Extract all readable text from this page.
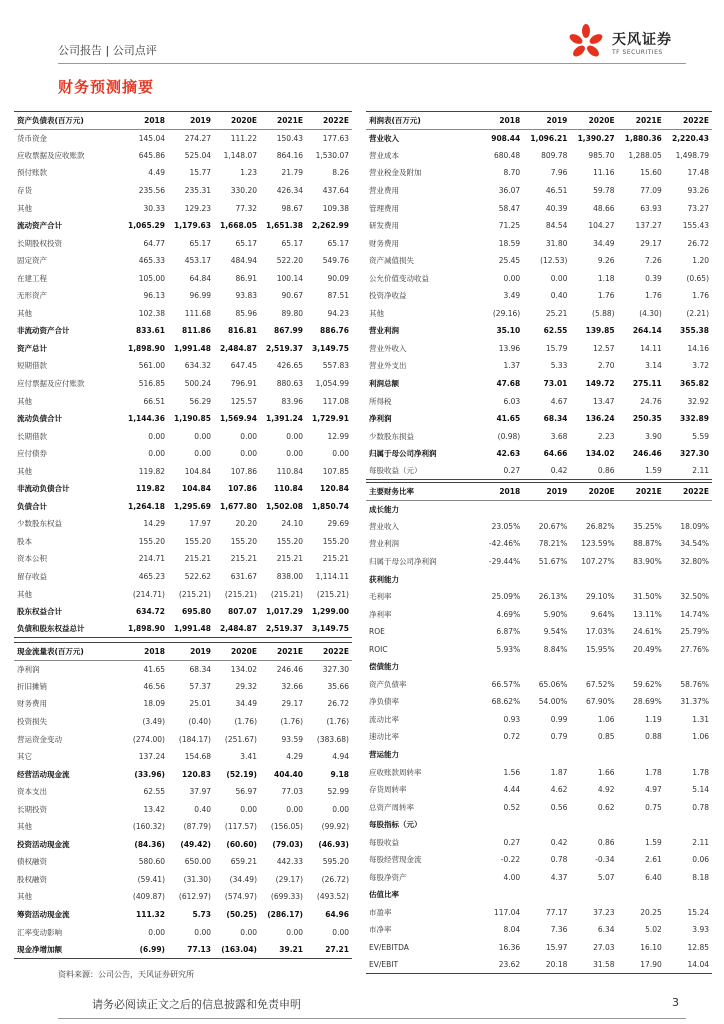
公司报告 | 公司点评
天风证券
TF SECURITIES
财务预测摘要
资产负债表(百万元)	2018	2019	2020E	2021E	2022E
货币资金	145.04	274.27	111.22	150.43	177.63
应收票据及应收账款	645.86	525.04	1,148.07	864.16	1,530.07
预付账款	4.49	15.77	1.23	21.79	8.26
存货	235.56	235.31	330.20	426.34	437.64
其他	30.33	129.23	77.32	98.67	109.38
流动资产合计	1,065.29	1,179.63	1,668.05	1,651.38	2,262.99
长期股权投资	64.77	65.17	65.17	65.17	65.17
固定资产	465.33	453.17	484.94	522.20	549.76
在建工程	105.00	64.84	86.91	100.14	90.09
无形资产	96.13	96.99	93.83	90.67	87.51
其他	102.38	111.68	85.96	89.80	94.23
非流动资产合计	833.61	811.86	816.81	867.99	886.76
资产总计	1,898.90	1,991.48	2,484.87	2,519.37	3,149.75
短期借款	561.00	634.32	647.45	426.65	557.83
应付票据及应付账款	516.85	500.24	796.91	880.63	1,054.99
其他	66.51	56.29	125.57	83.96	117.08
流动负债合计	1,144.36	1,190.85	1,569.94	1,391.24	1,729.91
长期借款	0.00	0.00	0.00	0.00	12.99
应付债券	0.00	0.00	0.00	0.00	0.00
其他	119.82	104.84	107.86	110.84	107.85
非流动负债合计	119.82	104.84	107.86	110.84	120.84
负债合计	1,264.18	1,295.69	1,677.80	1,502.08	1,850.74
少数股东权益	14.29	17.97	20.20	24.10	29.69
股本	155.20	155.20	155.20	155.20	155.20
资本公积	214.71	215.21	215.21	215.21	215.21
留存收益	465.23	522.62	631.67	838.00	1,114.11
其他	(214.71)	(215.21)	(215.21)	(215.21)	(215.21)
股东权益合计	634.72	695.80	807.07	1,017.29	1,299.00
负债和股东权益总计	1,898.90	1,991.48	2,484.87	2,519.37	3,149.75
利润表(百万元)	2018	2019	2020E	2021E	2022E
营业收入	908.44	1,096.21	1,390.27	1,880.36	2,220.43
营业成本	680.48	809.78	985.70	1,288.05	1,498.79
营业税金及附加	8.70	7.96	11.16	15.60	17.48
营业费用	36.07	46.51	59.78	77.09	93.26
管理费用	58.47	40.39	48.66	63.93	73.27
研发费用	71.25	84.54	104.27	137.27	155.43
财务费用	18.59	31.80	34.49	29.17	26.72
资产减值损失	25.45	(12.53)	9.26	7.26	1.20
公允价值变动收益	0.00	0.00	1.18	0.39	(0.65)
投资净收益	3.49	0.40	1.76	1.76	1.76
其他	(29.16)	25.21	(5.88)	(4.30)	(2.21)
营业利润	35.10	62.55	139.85	264.14	355.38
营业外收入	13.96	15.79	12.57	14.11	14.16
营业外支出	1.37	5.33	2.70	3.14	3.72
利润总额	47.68	73.01	149.72	275.11	365.82
所得税	6.03	4.67	13.47	24.76	32.92
净利润	41.65	68.34	136.24	250.35	332.89
少数股东损益	(0.98)	3.68	2.23	3.90	5.59
归属于母公司净利润	42.63	64.66	134.02	246.46	327.30
每股收益（元）	0.27	0.42	0.86	1.59	2.11
主要财务比率	2018	2019	2020E	2021E	2022E
成长能力					
营业收入	23.05%	20.67%	26.82%	35.25%	18.09%
营业利润	-42.46%	78.21%	123.59%	88.87%	34.54%
归属于母公司净利润	-29.44%	51.67%	107.27%	83.90%	32.80%
获利能力					
毛利率	25.09%	26.13%	29.10%	31.50%	32.50%
净利率	4.69%	5.90%	9.64%	13.11%	14.74%
ROE	6.87%	9.54%	17.03%	24.61%	25.79%
ROIC	5.93%	8.84%	15.95%	20.49%	27.76%
偿债能力					
资产负债率	66.57%	65.06%	67.52%	59.62%	58.76%
净负债率	68.62%	54.00%	67.90%	28.69%	31.37%
流动比率	0.93	0.99	1.06	1.19	1.31
速动比率	0.72	0.79	0.85	0.88	1.06
营运能力					
应收账款周转率	1.56	1.87	1.66	1.78	1.78
存货周转率	4.44	4.62	4.92	4.97	5.14
总资产周转率	0.52	0.56	0.62	0.75	0.78
每股指标（元）					
每股收益	0.27	0.42	0.86	1.59	2.11
每股经营现金流	-0.22	0.78	-0.34	2.61	0.06
每股净资产	4.00	4.37	5.07	6.40	8.18
估值比率					
市盈率	117.04	77.17	37.23	20.25	15.24
市净率	8.04	7.36	6.34	5.02	3.93
EV/EBITDA	16.36	15.97	27.03	16.10	12.85
EV/EBIT	23.62	20.18	31.58	17.90	14.04
现金流量表(百万元)	2018	2019	2020E	2021E	2022E
净利润	41.65	68.34	134.02	246.46	327.30
折旧摊销	46.56	57.37	29.32	32.66	35.66
财务费用	18.09	25.01	34.49	29.17	26.72
投资损失	(3.49)	(0.40)	(1.76)	(1.76)	(1.76)
营运资金变动	(274.00)	(184.17)	(251.67)	93.59	(383.68)
其它	137.24	154.68	3.41	4.29	4.94
经营活动现金流	(33.96)	120.83	(52.19)	404.40	9.18
资本支出	62.55	37.97	56.97	77.03	52.99
长期投资	13.42	0.40	0.00	0.00	0.00
其他	(160.32)	(87.79)	(117.57)	(156.05)	(99.92)
投资活动现金流	(84.36)	(49.42)	(60.60)	(79.03)	(46.93)
债权融资	580.60	650.00	659.21	442.33	595.20
股权融资	(59.41)	(31.30)	(34.49)	(29.17)	(26.72)
其他	(409.87)	(612.97)	(574.97)	(699.33)	(493.52)
筹资活动现金流	111.32	5.73	(50.25)	(286.17)	64.96
汇率变动影响	0.00	0.00	0.00	0.00	0.00
现金净增加额	(6.99)	77.13	(163.04)	39.21	27.21
资料来源：公司公告，天风证券研究所
请务必阅读正文之后的信息披露和免责申明	3
